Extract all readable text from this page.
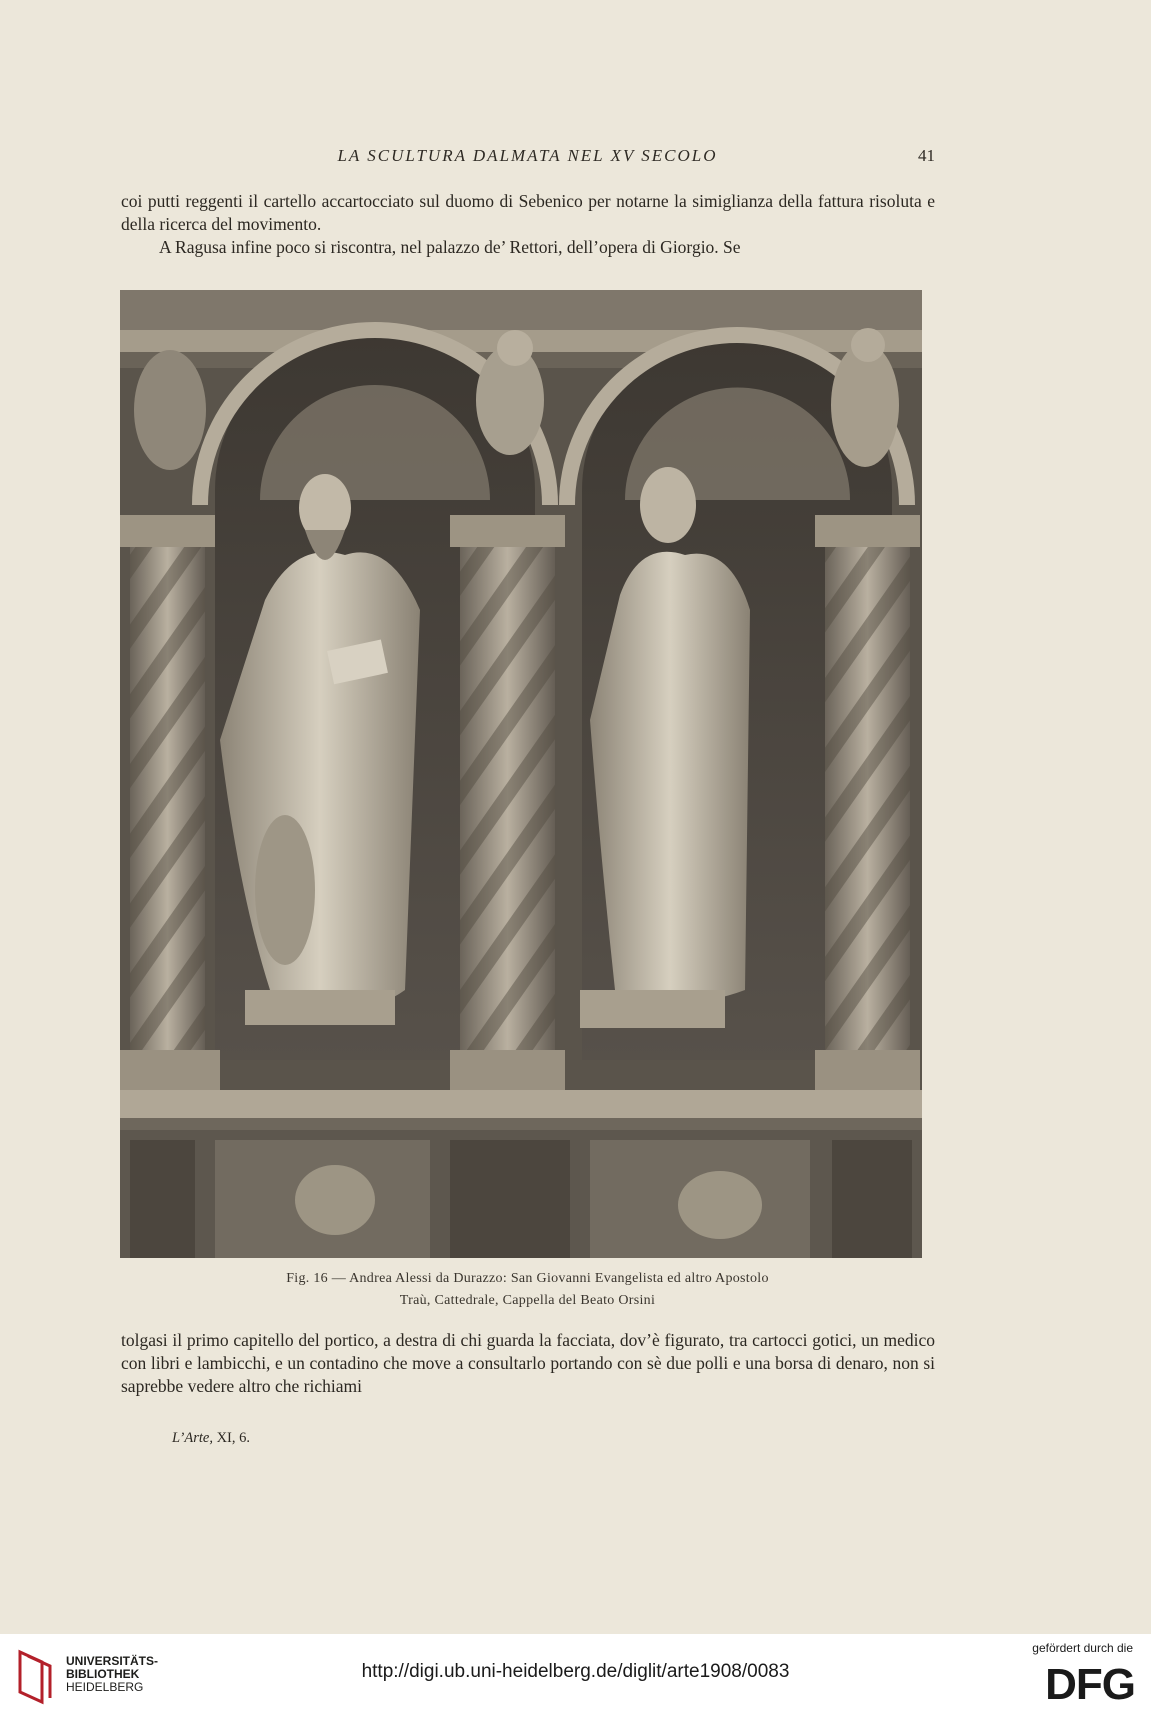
LA SCULTURA DALMATA NEL XV SECOLO	41

coi putti reggenti il cartello accartocciato sul duomo di Sebenico per notarne la simiglianza della fattura risoluta e della ricerca del movimento.

A Ragusa infine poco si riscontra, nel palazzo de’ Rettori, dell’opera di Giorgio. Se

Fig. 16 — Andrea Alessi da Durazzo: San Giovanni Evangelista ed altro Apostolo
Traù, Cattedrale, Cappella del Beato Orsini

tolgasi il primo capitello del portico, a destra di chi guarda la facciata, dov’è figurato, tra cartocci gotici, un medico con libri e lambicchi, e un contadino che move a consultarlo portando con sè due polli e una borsa di denaro, non si saprebbe vedere altro che richiami

L’Arte, XI, 6.
UNIVERSITÄTS-
BIBLIOTHEK
HEIDELBERG
http://digi.ub.uni-heidelberg.de/diglit/arte1908/0083
gefördert durch die
DFG
